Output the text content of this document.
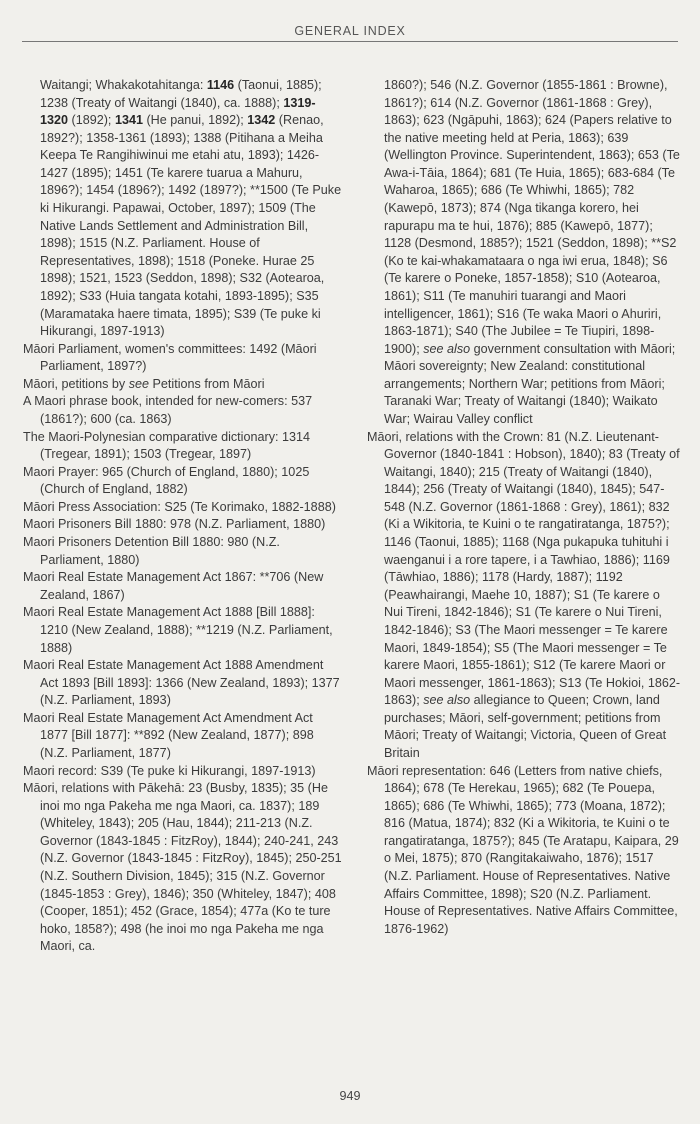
GENERAL INDEX

Waitangi; Whakakotahitanga: 1146 (Taonui, 1885); 1238 (Treaty of Waitangi (1840), ca. 1888); 1319-1320 (1892); 1341 (He panui, 1892); 1342 (Renao, 1892?); 1358-1361 (1893); 1388 (Pitihana a Meiha Keepa Te Rangihiwinui me etahi atu, 1893); 1426-1427 (1895); 1451 (Te karere tuarua a Mahuru, 1896?); 1454 (1896?); 1492 (1897?); **1500 (Te Puke ki Hikurangi. Papawai, October, 1897); 1509 (The Native Lands Settlement and Administration Bill, 1898); 1515 (N.Z. Parliament. House of Representatives, 1898); 1518 (Poneke. Hurae 25 1898); 1521, 1523 (Seddon, 1898); S32 (Aotearoa, 1892); S33 (Huia tangata kotahi, 1893-1895); S35 (Maramataka haere timata, 1895); S39 (Te puke ki Hikurangi, 1897-1913)

Māori Parliament, women's committees: 1492 (Māori Parliament, 1897?)

Māori, petitions by see Petitions from Māori

A Maori phrase book, intended for new-comers: 537 (1861?); 600 (ca. 1863)

The Maori-Polynesian comparative dictionary: 1314 (Tregear, 1891); 1503 (Tregear, 1897)

Maori Prayer: 965 (Church of England, 1880); 1025 (Church of England, 1882)

Māori Press Association: S25 (Te Korimako, 1882-1888)

Maori Prisoners Bill 1880: 978 (N.Z. Parliament, 1880)

Maori Prisoners Detention Bill 1880: 980 (N.Z. Parliament, 1880)

Maori Real Estate Management Act 1867: **706 (New Zealand, 1867)

Maori Real Estate Management Act 1888 [Bill 1888]: 1210 (New Zealand, 1888); **1219 (N.Z. Parliament, 1888)

Maori Real Estate Management Act 1888 Amendment Act 1893 [Bill 1893]: 1366 (New Zealand, 1893); 1377 (N.Z. Parliament, 1893)

Maori Real Estate Management Act Amendment Act 1877 [Bill 1877]: **892 (New Zealand, 1877); 898 (N.Z. Parliament, 1877)

Maori record: S39 (Te puke ki Hikurangi, 1897-1913)

Māori, relations with Pākehā: 23 (Busby, 1835); 35 (He inoi mo nga Pakeha me nga Maori, ca. 1837); 189 (Whiteley, 1843); 205 (Hau, 1844); 211-213 (N.Z. Governor (1843-1845 : FitzRoy), 1844); 240-241, 243 (N.Z. Governor (1843-1845 : FitzRoy), 1845); 250-251 (N.Z. Southern Division, 1845); 315 (N.Z. Governor (1845-1853 : Grey), 1846); 350 (Whiteley, 1847); 408 (Cooper, 1851); 452 (Grace, 1854); 477a (Ko te ture hoko, 1858?); 498 (he inoi mo nga Pakeha me nga Maori, ca.

1860?); 546 (N.Z. Governor (1855-1861 : Browne), 1861?); 614 (N.Z. Governor (1861-1868 : Grey), 1863); 623 (Ngāpuhi, 1863); 624 (Papers relative to the native meeting held at Peria, 1863); 639 (Wellington Province. Superintendent, 1863); 653 (Te Awa-i-Tāia, 1864); 681 (Te Huia, 1865); 683-684 (Te Waharoa, 1865); 686 (Te Whiwhi, 1865); 782 (Kawepō, 1873); 874 (Nga tikanga korero, hei rapurapu ma te hui, 1876); 885 (Kawepō, 1877); 1128 (Desmond, 1885?); 1521 (Seddon, 1898); **S2 (Ko te kai-whakamataara o nga iwi erua, 1848); S6 (Te karere o Poneke, 1857-1858); S10 (Aotearoa, 1861); S11 (Te manuhiri tuarangi and Maori intelligencer, 1861); S16 (Te waka Maori o Ahuriri, 1863-1871); S40 (The Jubilee = Te Tiupiri, 1898-1900); see also government consultation with Māori; Māori sovereignty; New Zealand: constitutional arrangements; Northern War; petitions from Māori; Taranaki War; Treaty of Waitangi (1840); Waikato War; Wairau Valley conflict

Māori, relations with the Crown: 81 (N.Z. Lieutenant-Governor (1840-1841 : Hobson), 1840); 83 (Treaty of Waitangi, 1840); 215 (Treaty of Waitangi (1840), 1844); 256 (Treaty of Waitangi (1840), 1845); 547-548 (N.Z. Governor (1861-1868 : Grey), 1861); 832 (Ki a Wikitoria, te Kuini o te rangatiratanga, 1875?); 1146 (Taonui, 1885); 1168 (Nga pukapuka tuhituhi i waenganui i a rore tapere, i a Tawhiao, 1886); 1169 (Tāwhiao, 1886); 1178 (Hardy, 1887); 1192 (Peawhairangi, Maehe 10, 1887); S1 (Te karere o Nui Tireni, 1842-1846); S1 (Te karere o Nui Tireni, 1842-1846); S3 (The Maori messenger = Te karere Maori, 1849-1854); S5 (The Maori messenger = Te karere Maori, 1855-1861); S12 (Te karere Maori or Maori messenger, 1861-1863); S13 (Te Hokioi, 1862-1863); see also allegiance to Queen; Crown, land purchases; Māori, self-government; petitions from Māori; Treaty of Waitangi; Victoria, Queen of Great Britain

Māori representation: 646 (Letters from native chiefs, 1864); 678 (Te Herekau, 1965); 682 (Te Pouepa, 1865); 686 (Te Whiwhi, 1865); 773 (Moana, 1872); 816 (Matua, 1874); 832 (Ki a Wikitoria, te Kuini o te rangatiratanga, 1875?); 845 (Te Aratapu, Kaipara, 29 o Mei, 1875); 870 (Rangitakaiwaho, 1876); 1517 (N.Z. Parliament. House of Representatives. Native Affairs Committee, 1898); S20 (N.Z. Parliament. House of Representatives. Native Affairs Committee, 1876-1962)

949
